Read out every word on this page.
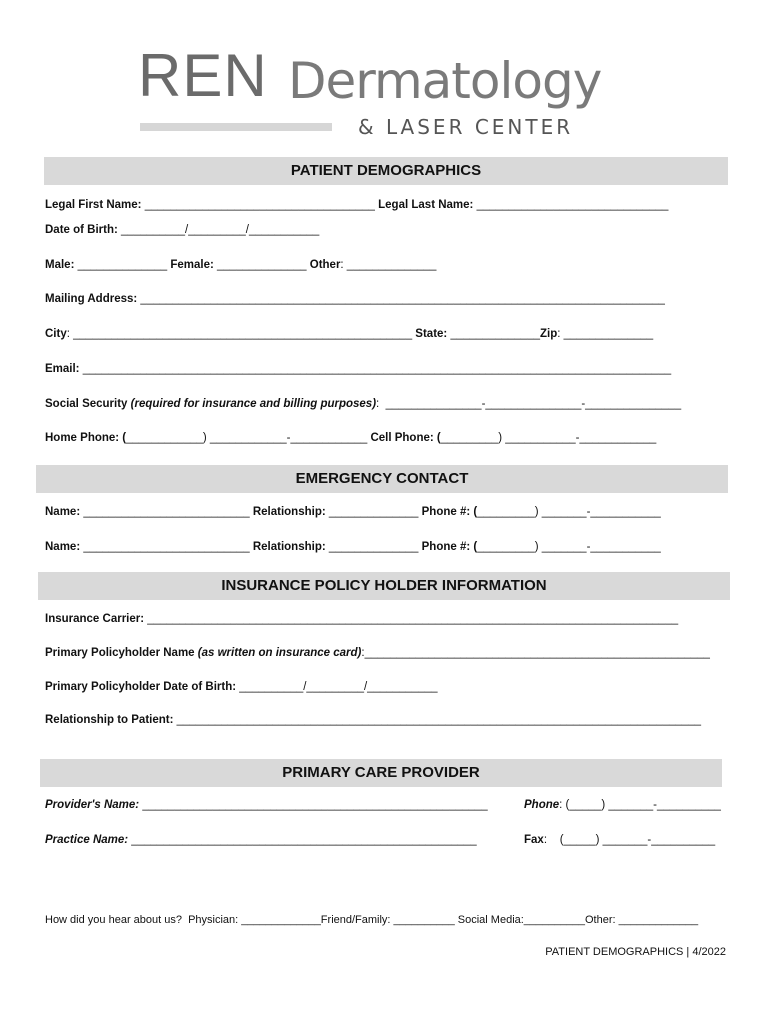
REN Dermatology
& LASER CENTER
PATIENT DEMOGRAPHICS
Legal First Name: ____________________________________ Legal Last Name: ______________________________
Date of Birth: __________/_________/___________
Male: ______________ Female: ______________ Other: ______________
Mailing Address: __________________________________________________________________________________
City: _____________________________________________________ State: ______________Zip: ______________
Email: ____________________________________________________________________________________________
Social Security (required for insurance and billing purposes):  _______________-_______________-_______________
Home Phone: (____________) ____________-____________ Cell Phone: (_________) ___________-____________
EMERGENCY CONTACT
Name: __________________________ Relationship: ______________ Phone #: (_________) _______-___________
Name: __________________________ Relationship: ______________ Phone #: (_________) _______-___________
INSURANCE POLICY HOLDER INFORMATION
Insurance Carrier: ___________________________________________________________________________________
Primary Policyholder Name (as written on insurance card):______________________________________________________
Primary Policyholder Date of Birth: __________/_________/___________
Relationship to Patient: __________________________________________________________________________________
PRIMARY CARE PROVIDER
Provider's Name: ______________________________________________________	Phone: (_____) _______-__________
Practice Name: ______________________________________________________	Fax:    (_____) _______-__________
How did you hear about us?  Physician: _____________Friend/Family: __________ Social Media:__________Other: _____________
PATIENT DEMOGRAPHICS | 4/2022
